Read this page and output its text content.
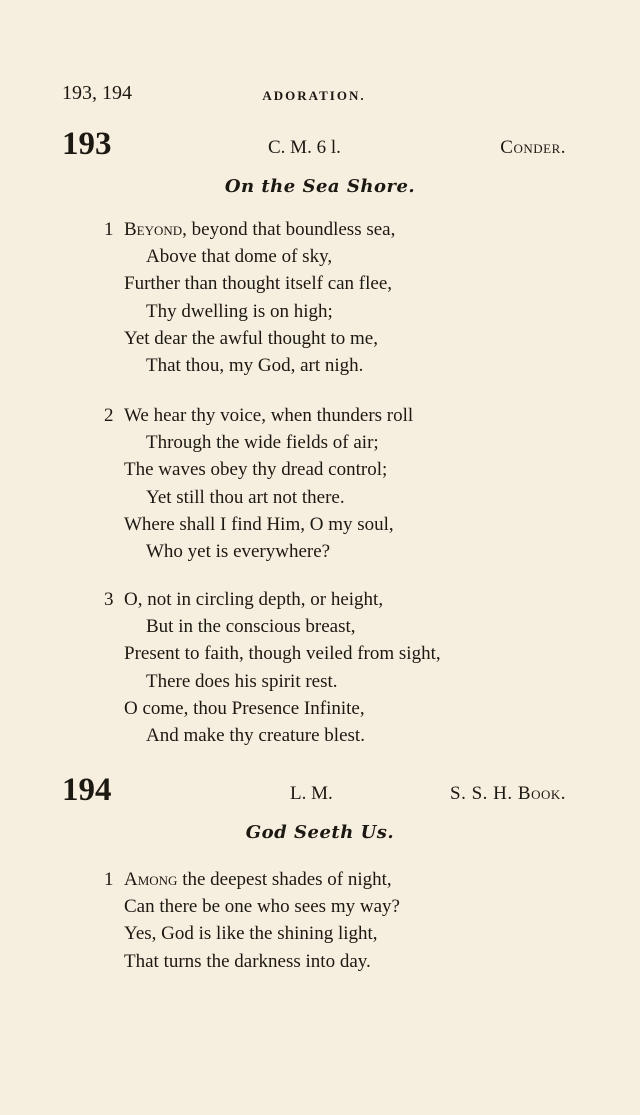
193, 194	ADORATION.
193	C. M. 6 l.	Conder.
On the Sea Shore.
1 Beyond, beyond that boundless sea,
Above that dome of sky,
Further than thought itself can flee,
Thy dwelling is on high;
Yet dear the awful thought to me,
That thou, my God, art nigh.
2 We hear thy voice, when thunders roll
Through the wide fields of air;
The waves obey thy dread control;
Yet still thou art not there.
Where shall I find Him, O my soul,
Who yet is everywhere?
3 O, not in circling depth, or height,
But in the conscious breast,
Present to faith, though veiled from sight,
There does his spirit rest.
O come, thou Presence Infinite,
And make thy creature blest.
194	L. M.	S. S. H. Book.
God Seeth Us.
1 Among the deepest shades of night,
Can there be one who sees my way?
Yes, God is like the shining light,
That turns the darkness into day.
